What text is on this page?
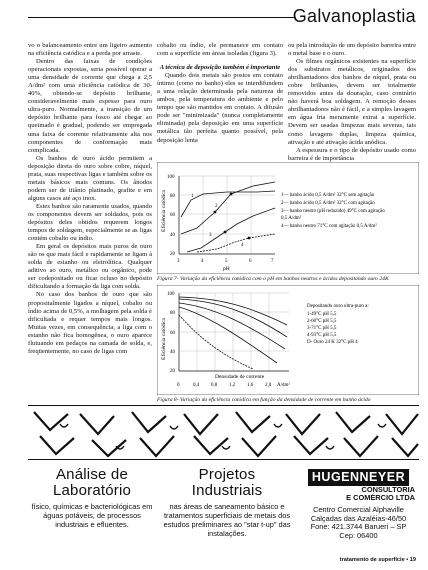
Galvanoplastia

vo o balanceamento entre um ligeiro aumento na eficiência catódica e a perda por arraste.

Dentro das faixas de condições operacionais expostas, seria possível operar a uma densidade de corrente que chega a 2,5 A/dm² com uma eficiência catódica de 30-40%, obtendo-se depósito brilhante, consideravelmente mais espesso para ouro ultra-puro. Normalmente, a transição de um depósito brilhante para fosco até chegar ao queimado é gradual, podendo ser empregada uma faixa de corrente relativamente alta nos componentes de conformação mais complicada.

Os banhos de ouro ácido permitem a deposição direta do ouro sobre cobre, níquel, prata, suas respectivas ligas e também sobre os metais básicos mais comuns. Os ânodos podem ser de titânio platinado, grafite e em alguns casos até aço inox.

Estes banhos são raramente usados, quando os componentes devem ser soldados, pois os depósitos deles obtidos requerem longos tempos de soldagem, especialmente se as ligas contém cobalto ou índio.

Em geral os depósitos mais puros de ouro são os que mais fácil e rapidamente se ligam à solda de estanho ou eletrolítica. Qualquer aditivo ao ouro, metálico ou orgânico, pode ser codepositado ou ficar ocluso no depósito dificultando a formação da liga com solda.

No caso dos banhos de ouro que são propositalmente ligados a níquel, cobalto ou índio acima de 0,5%, a molhagem pela solda é dificultada e requer tempos mais longos. Muitas vezes, em consequência, a liga com o estanho não fica homogênea, o ouro aparece flutuando em pedaços na camada de solda, e, freqüentemente, no caso de ligas com

cobalto ou índio, ele permanece em contato com a superfície em áreas isoladas (figura 3).

A técnica de deposição também é importante

Quando dois metais são postos em contato íntimo (como no banho) eles se interdifundem a uma relação determinada pela natureza de ambos, pela temperatura do ambiente e pelo tempo que são mantidos em contato. A difusão pode ser "minimizada" (nunca completamente eliminada) pela deposição em uma superfície metálica tão perfeita quanto possível, pela deposição lenta

ou pela introdução de um depósito barreira entre o metal base e o ouro.

Os filmes orgânicos existentes na superfície dos substratos metálicos, originados dos abrilhantadores dos banhos de níquel, prata ou cobre brilhantes, devem ser totalmente removidos antes da douração, caso contrário não haverá boa soldagem. A remoção desses abrilhantadores não é fácil, e a simples lavagem em água fria meramente extrai a superfície. Devem ser usadas limpezas mais severas, tais como lavagens duplas, limpeza química, ativação e até ativação ácida anódica.

A espessura e o tipo de depósito usado como barreira é de importância

Eficiência catódica
100
80
60
40
20
3	4	5	6	7
pH
1
2
3
4
1— banho ácido 0,5 A/dm² 32°C sem agitação
2— banho ácido 0,5 A/dm² 32°C com agitação
3— banho neutro (pH reduzido) 49°C com agitação
0,5 A/dm²
4— banho neutro 71°C com agitação 0,5 A/dm²
Figura 7- Variação da eficiência catódica com o pH em banhos neutros e ácidos depositando ouro 24K
Eficiência catódica
100
80
60
40
20
Densidade de corrente
0	0,4 0,8 1,2 1,6 2,0 A/dm²
Depositando ouro ultra-puro a:
1-49°C pH 5,5
2-60°C pH 5,5
3-71°C pH 5,5
4-93°C pH 5,5
D- Ouro 24 K 32°C pH 4
Figura 8- Variação da eficiência catódica em função da densidade de corrente em banho ácido
Análise de
Laboratório
físico, químicas e bacteriológicas em águas potáveis, de processos industriais e efluentes.
Projetos
Industriais
nas áreas de saneamento básico e tratamentos superficiais de metais dos estudos preliminares ao "star t-up" das instalações.
HUGENNEYER
CONSULTORIA
E COMÉRCIO LTDA
Centro Comercial Alphaville
Calçadas das Azaléias-46/50
Fone: 421.3744 Barueri – SP
Cep: 06400
tratamento de superfície • 19
